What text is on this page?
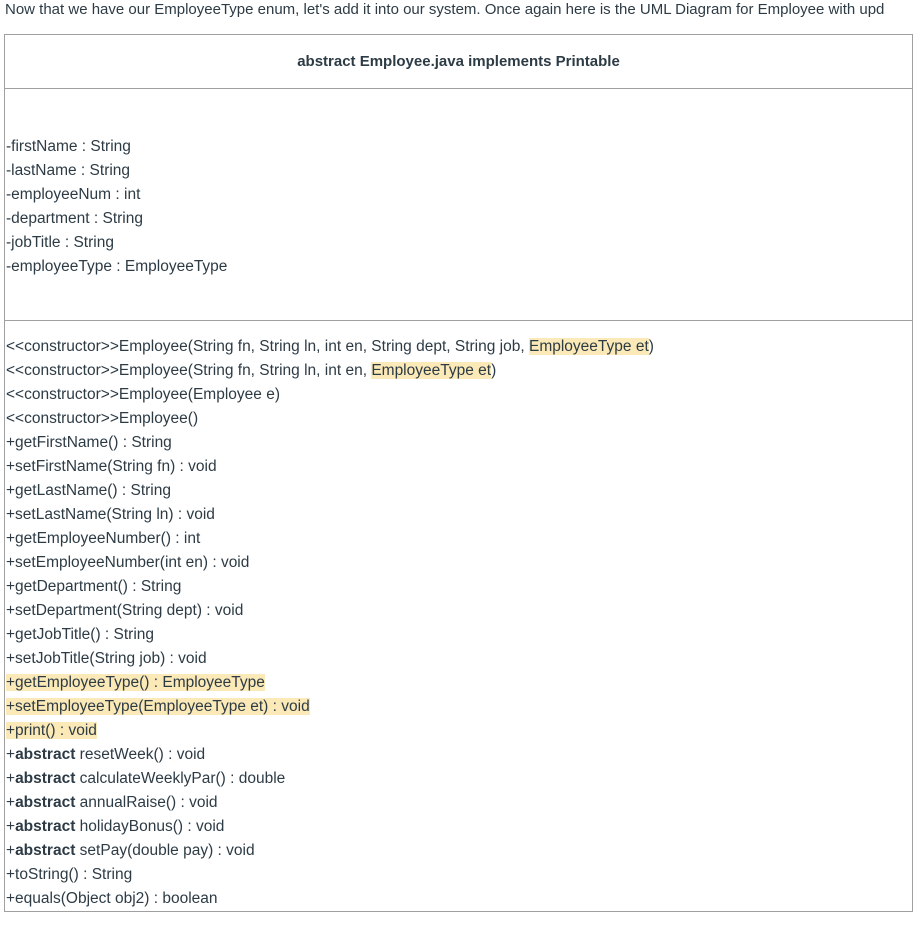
Now that we have our EmployeeType enum, let's add it into our system. Once again here is the UML Diagram for Employee with upd
abstract Employee.java implements Printable
-firstName : String
-lastName : String
-employeeNum : int
-department : String
-jobTitle : String
-employeeType : EmployeeType
<<constructor>>Employee(String fn, String ln, int en, String dept, String job, EmployeeType et)
<<constructor>>Employee(String fn, String ln, int en, EmployeeType et)
<<constructor>>Employee(Employee e)
<<constructor>>Employee()
+getFirstName() : String
+setFirstName(String fn) : void
+getLastName() : String
+setLastName(String ln) : void
+getEmployeeNumber() : int
+setEmployeeNumber(int en) : void
+getDepartment() : String
+setDepartment(String dept) : void
+getJobTitle() : String
+setJobTitle(String job) : void
+getEmployeeType() : EmployeeType
+setEmployeeType(EmployeeType et) : void
+print() : void
+abstract resetWeek() : void
+abstract calculateWeeklyPar() : double
+abstract annualRaise() : void
+abstract holidayBonus() : void
+abstract setPay(double pay) : void
+toString() : String
+equals(Object obj2) : boolean
